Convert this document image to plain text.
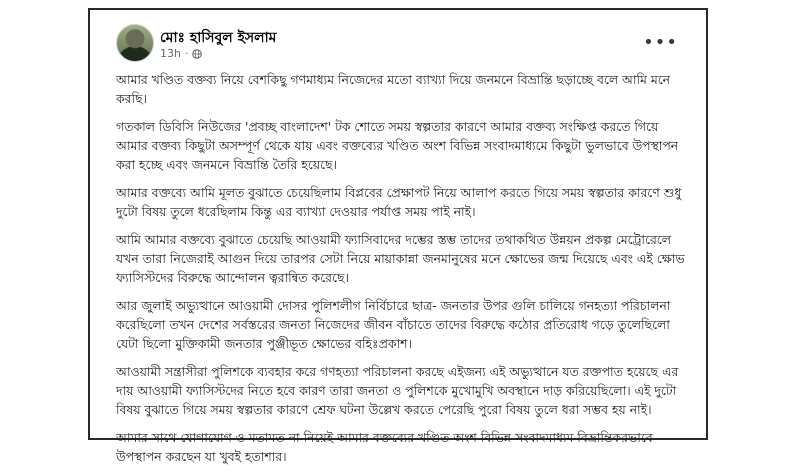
মোঃ হাসিবুল ইসলাম
13h ·
•••

আমার খণ্ডিত বক্তব্য নিয়ে বেশকিছু গণমাধ্যম নিজেদের মতো ব্যাখ্যা দিয়ে জনমনে বিভ্রান্তি ছড়াচ্ছে বলে আমি মনে করছি।

গতকাল ডিবিসি নিউজের 'প্রবচ্ছ বাংলাদেশ' টক শোতে সময় স্বল্পতার কারণে আমার বক্তব্য সংক্ষিপ্ত করতে গিয়ে আমার বক্তব্য কিছুটা অসম্পূর্ণ থেকে যায় এবং বক্তব্যের খণ্ডিত অংশ বিভিন্ন সংবাদমাধ্যমে কিছুটা ভুলভাবে উপস্থাপন করা হচ্ছে এবং জনমনে বিভ্রান্তি তৈরি হয়েছে।

আমার বক্তব্যে আমি মূলত বুঝাতে চেয়েছিলাম বিপ্লবের প্রেক্ষাপট নিয়ে আলাপ করতে গিয়ে সময় স্বল্পতার কারণে শুধু দুটো বিষয় তুলে ধরেছিলাম কিন্তু এর ব্যাখ্যা দেওয়ার পর্যাপ্ত সময় পাই নাই।

আমি আমার বক্তব্যে বুঝাতে চেয়েছি আওয়ামী ফ্যাসিবাদের দম্ভের স্তম্ভ তাদের তথাকথিত উন্নয়ন প্রকল্প মেট্রোরেলে যখন তারা নিজেরাই আগুন দিয়ে তারপর সেটা নিয়ে মায়াকান্না জনমানুষের মনে ক্ষোভের জন্ম দিয়েছে এবং এই ক্ষোভ ফ্যাসিস্টদের বিরুদ্ধে আন্দোলন ত্বরান্বিত করেছে।

আর জুলাই অভ্যুত্থানে আওয়ামী দোসর পুলিশলীগ নির্বিচারে ছাত্র- জনতার উপর গুলি চালিয়ে গনহত্যা পরিচালনা করেছিলো তখন দেশের সর্বস্তরের জনতা নিজেদের জীবন বাঁচাতে তাদের বিরুদ্ধে কঠোর প্রতিরোধ গড়ে তুলেছিলো যেটা ছিলো মুক্তিকামী জনতার পুঞ্জীভূত ক্ষোভের বহিঃপ্রকাশ।

আওয়ামী সন্ত্রাসীরা পুলিশকে ব্যবহার করে গণহত্যা পরিচালনা করছে এইজন্য এই অভ্যুত্থানে যত রক্তপাত হয়েছে এর দায় আওয়ামী ফ্যাসিস্টদের নিতে হবে কারণ তারা জনতা ও পুলিশকে মুখোমুখি অবস্থানে দাড় করিয়েছিলো। এই দুটো বিষয় বুঝাতে গিয়ে সময় স্বল্পতার কারণে শ্রেফ ঘটনা উল্লেখ করতে পেরেছি পুরো বিষয় তুলে ধরা সম্ভব হয় নাই।

আমার সাথে যোগাযোগ ও মতামত না নিয়েই আমার বক্তব্যের খণ্ডিত অংশ বিভিন্ন সংবাদমাধ্যম বিভ্রান্তিকরভাবে উপস্থাপন করছেন যা খুবই হতাশার।
